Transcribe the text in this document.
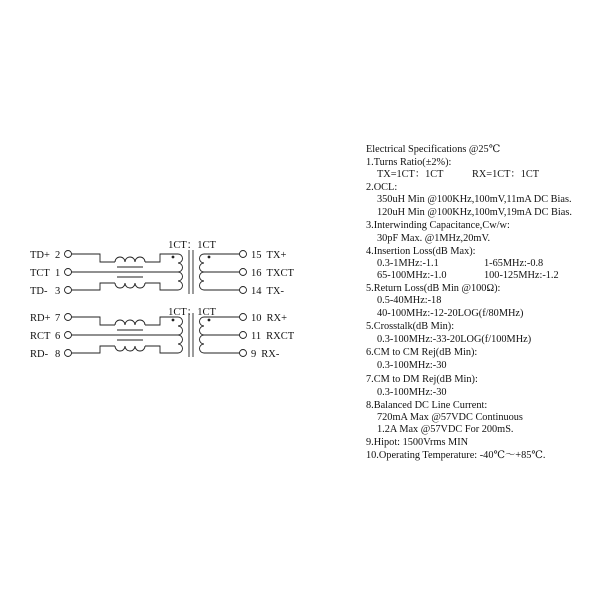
1CT：1CT
1CT：1CT
TD+ 2
TCT 1
TD- 3
RD+ 7
RCT 6
RD- 8
15 TX+
16 TXCT
14 TX-
10 RX+
11 RXCT
9 RX-
Electrical Specifications @25℃
1.Turns Ratio(±2%):
TX=1CT：1CT	RX=1CT：1CT
2.OCL:
350uH Min @100KHz,100mV,11mA DC Bias.
120uH Min @100KHz,100mV,19mA DC Bias.
3.Interwinding Capacitance,Cw/w:
30pF Max. @1MHz,20mV.
4.Insertion Loss(dB Max):
0.3-1MHz:-1.1	1-65MHz:-0.8
65-100MHz:-1.0	100-125MHz:-1.2
5.Return Loss(dB Min @100Ω):
0.5-40MHz:-18
40-100MHz:-12-20LOG(f/80MHz)
5.Crosstalk(dB Min):
0.3-100MHz:-33-20LOG(f/100MHz)
6.CM to CM Rej(dB Min):
0.3-100MHz:-30
7.CM to DM Rej(dB Min):
0.3-100MHz:-30
8.Balanced DC Line Current:
720mA Max @57VDC Continuous
1.2A Max @57VDC For 200mS.
9.Hipot: 1500Vrms MIN
10.Operating Temperature: -40℃～+85℃.
